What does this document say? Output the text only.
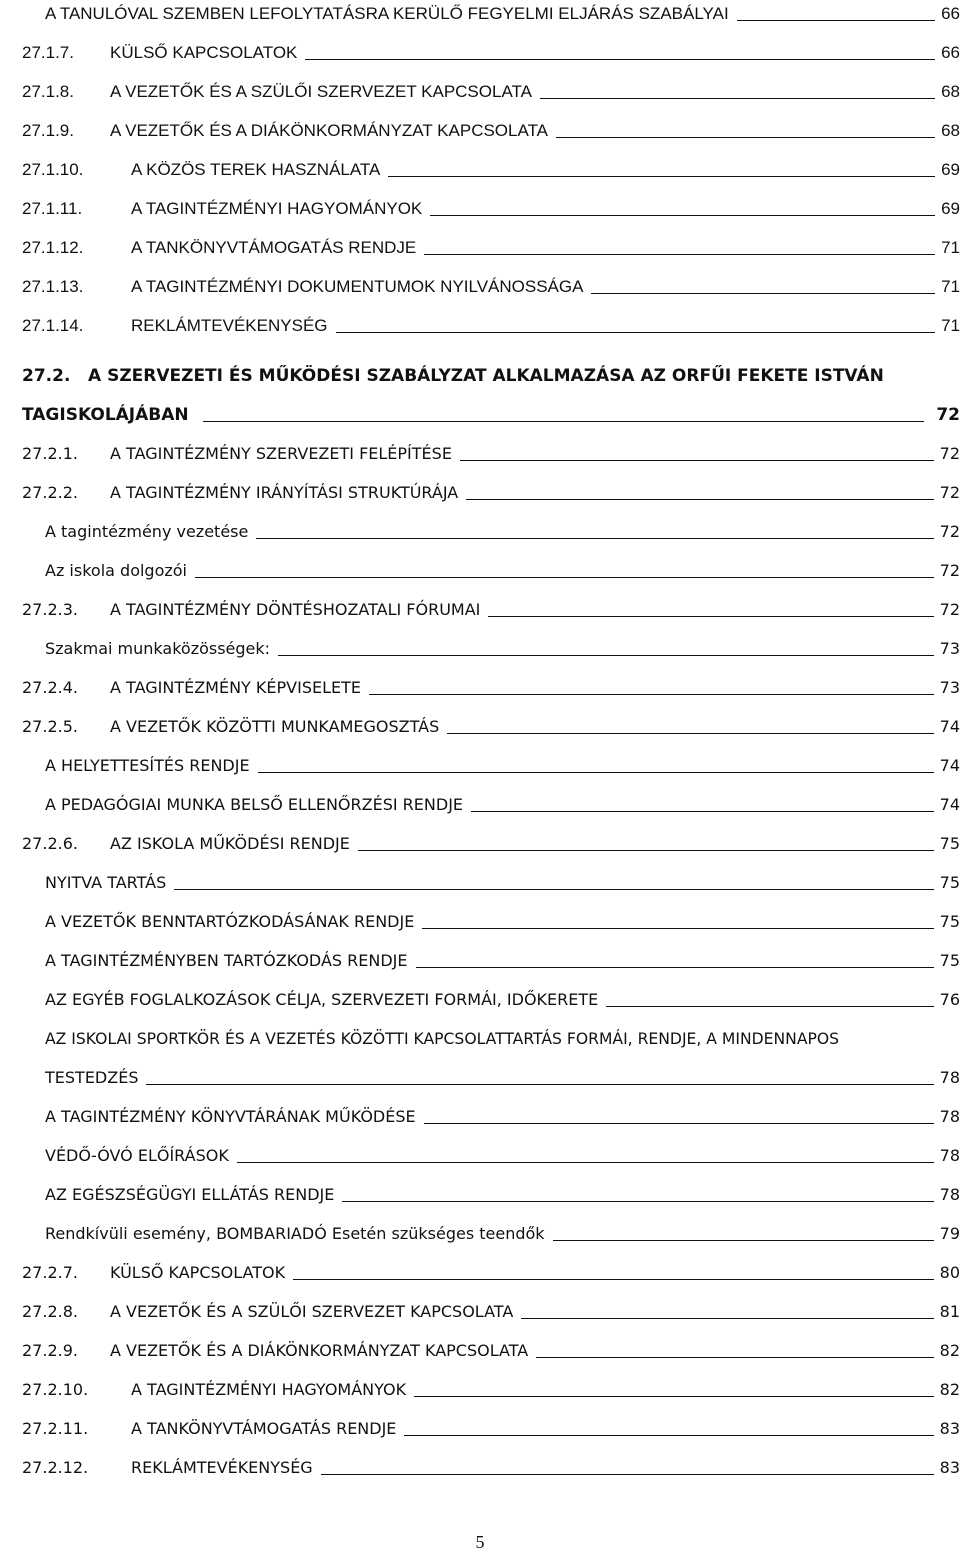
A TANULÓVAL SZEMBEN LEFOLYTATÁSRA KERÜLŐ FEGYELMI ELJÁRÁS SZABÁLYAI	66
27.1.7.	KÜLSŐ KAPCSOLATOK	66
27.1.8.	A VEZETŐK ÉS A SZÜLŐI SZERVEZET KAPCSOLATA	68
27.1.9.	A VEZETŐK ÉS A DIÁKÖNKORMÁNYZAT KAPCSOLATA	68
27.1.10.	A KÖZÖS TEREK HASZNÁLATA	69
27.1.11.	A TAGINTÉZMÉNYI HAGYOMÁNYOK	69
27.1.12.	A TANKÖNYVTÁMOGATÁS RENDJE	71
27.1.13.	A TAGINTÉZMÉNYI DOKUMENTUMOK NYILVÁNOSSÁGA	71
27.1.14.	REKLÁMTEVÉKENYSÉG	71
27.2.	A SZERVEZETI ÉS MŰKÖDÉSI SZABÁLYZAT ALKALMAZÁSA AZ ORFŰI FEKETE ISTVÁN
TAGISKOLÁJÁBAN	72
27.2.1.	A TAGINTÉZMÉNY SZERVEZETI FELÉPÍTÉSE	72
27.2.2.	A TAGINTÉZMÉNY IRÁNYÍTÁSI STRUKTÚRÁJA	72
A tagintézmény vezetése	72
Az iskola dolgozói	72
27.2.3.	A TAGINTÉZMÉNY DÖNTÉSHOZATALI FÓRUMAI	72
Szakmai munkaközösségek:	73
27.2.4.	A TAGINTÉZMÉNY KÉPVISELETE	73
27.2.5.	A VEZETŐK KÖZÖTTI MUNKAMEGOSZTÁS	74
A HELYETTESÍTÉS RENDJE	74
A PEDAGÓGIAI MUNKA BELSŐ ELLENŐRZÉSI RENDJE	74
27.2.6.	AZ ISKOLA MŰKÖDÉSI RENDJE	75
NYITVA TARTÁS	75
A VEZETŐK BENNTARTÓZKODÁSÁNAK RENDJE	75
A TAGINTÉZMÉNYBEN TARTÓZKODÁS RENDJE	75
AZ EGYÉB FOGLALKOZÁSOK CÉLJA, SZERVEZETI FORMÁI, IDŐKERETE	76
AZ ISKOLAI SPORTKÖR ÉS A VEZETÉS KÖZÖTTI KAPCSOLATTARTÁS FORMÁI, RENDJE, A MINDENNAPOS
TESTEDZÉS	78
A TAGINTÉZMÉNY KÖNYVTÁRÁNAK MŰKÖDÉSE	78
VÉDŐ-ÓVÓ ELŐÍRÁSOK	78
AZ EGÉSZSÉGÜGYI ELLÁTÁS RENDJE	78
Rendkívüli esemény, BOMBARIADÓ Esetén szükséges teendők	79
27.2.7.	KÜLSŐ KAPCSOLATOK	80
27.2.8.	A VEZETŐK ÉS A SZÜLŐI SZERVEZET KAPCSOLATA	81
27.2.9.	A VEZETŐK ÉS A DIÁKÖNKORMÁNYZAT KAPCSOLATA	82
27.2.10.	A TAGINTÉZMÉNYI HAGYOMÁNYOK	82
27.2.11.	A TANKÖNYVTÁMOGATÁS RENDJE	83
27.2.12.	REKLÁMTEVÉKENYSÉG	83
5
